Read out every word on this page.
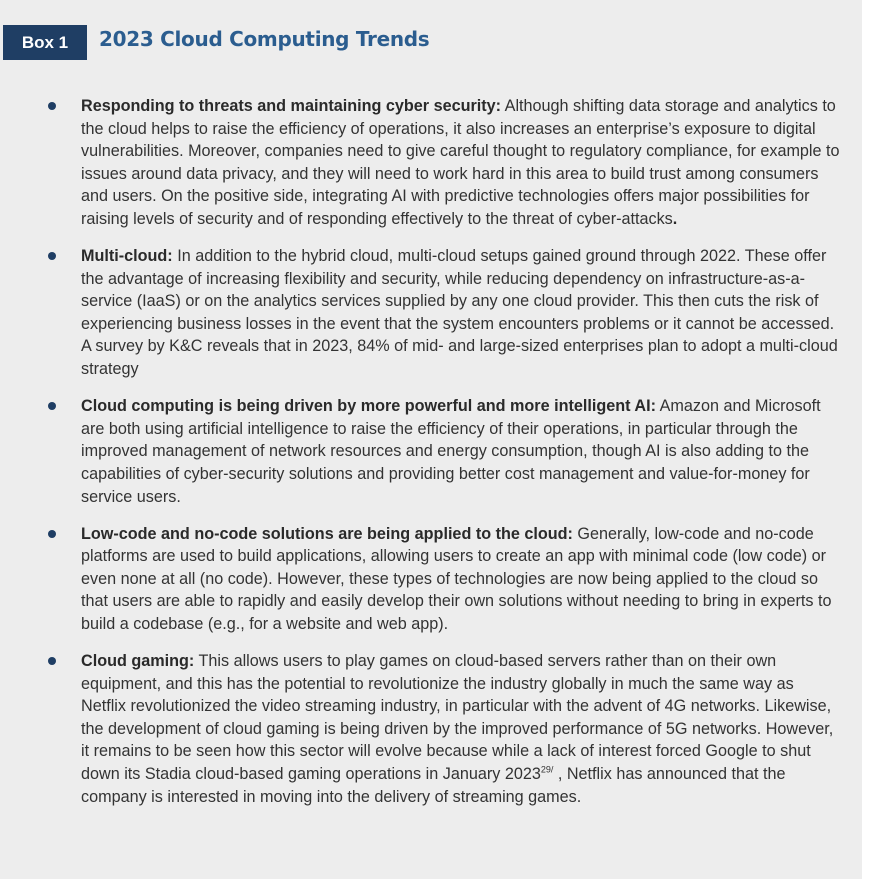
Box 1	2023 Cloud Computing Trends
Responding to threats and maintaining cyber security: Although shifting data storage and analytics to the cloud helps to raise the efficiency of operations, it also increases an enterprise’s exposure to digital vulnerabilities. Moreover, companies need to give careful thought to regulatory compliance, for example to issues around data privacy, and they will need to work hard in this area to build trust among consumers and users. On the positive side, integrating AI with predictive technologies offers major possibilities for raising levels of security and of responding effectively to the threat of cyber-attacks.
Multi-cloud: In addition to the hybrid cloud, multi-cloud setups gained ground through 2022. These offer the advantage of increasing flexibility and security, while reducing dependency on infrastructure-as-a-service (IaaS) or on the analytics services supplied by any one cloud provider. This then cuts the risk of experiencing business losses in the event that the system encounters problems or it cannot be accessed. A survey by K&C reveals that in 2023, 84% of mid- and large-sized enterprises plan to adopt a multi-cloud strategy
Cloud computing is being driven by more powerful and more intelligent AI: Amazon and Microsoft are both using artificial intelligence to raise the efficiency of their operations, in particular through the improved management of network resources and energy consumption, though AI is also adding to the capabilities of cyber-security solutions and providing better cost management and value-for-money for service users.
Low-code and no-code solutions are being applied to the cloud: Generally, low-code and no-code platforms are used to build applications, allowing users to create an app with minimal code (low code) or even none at all (no code). However, these types of technologies are now being applied to the cloud so that users are able to rapidly and easily develop their own solutions without needing to bring in experts to build a codebase (e.g., for a website and web app).
Cloud gaming: This allows users to play games on cloud-based servers rather than on their own equipment, and this has the potential to revolutionize the industry globally in much the same way as Netflix revolutionized the video streaming industry, in particular with the advent of 4G networks. Likewise, the development of cloud gaming is being driven by the improved performance of 5G networks. However, it remains to be seen how this sector will evolve because while a lack of interest forced Google to shut down its Stadia cloud-based gaming operations in January $2023^{29/}$ , Netflix has announced that the company is interested in moving into the delivery of streaming games.
